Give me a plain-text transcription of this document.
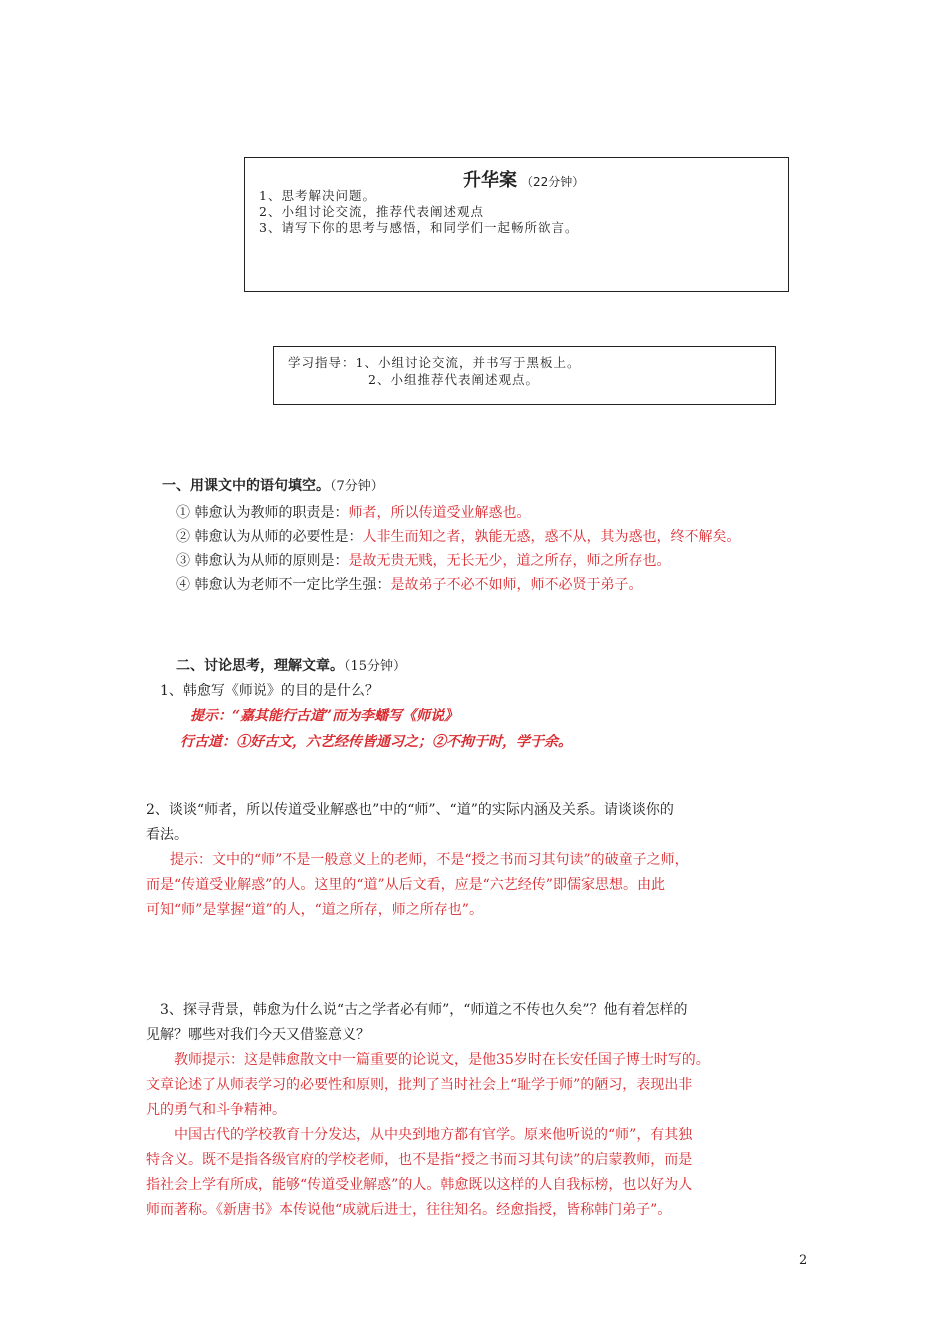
升华案 （22分钟）
1、思考解决问题。
2、小组讨论交流，推荐代表阐述观点
3、请写下你的思考与感悟，和同学们一起畅所欲言。
学习指导：1、小组讨论交流，并书写于黑板上。
2、小组推荐代表阐述观点。
一、用课文中的语句填空。（7分钟）
① 韩愈认为教师的职责是：师者，所以传道受业解惑也。
② 韩愈认为从师的必要性是：人非生而知之者，孰能无惑，惑不从，其为惑也，终不解矣。
③ 韩愈认为从师的原则是：是故无贵无贱，无长无少，道之所存，师之所存也。
④ 韩愈认为老师不一定比学生强：是故弟子不必不如师，师不必贤于弟子。
二、讨论思考，理解文章。（15分钟）
1、韩愈写《师说》的目的是什么？
提示：“嘉其能行古道”而为李蟠写《师说》
行古道：①好古文，六艺经传皆通习之；②不拘于时，学于余。
2、谈谈“师者，所以传道受业解惑也”中的“师”、“道”的实际内涵及关系。请谈谈你的
看法。
提示：文中的“师”不是一般意义上的老师，不是“授之书而习其句读”的破童子之师，
而是“传道受业解惑”的人。这里的“道”从后文看，应是“六艺经传”即儒家思想。由此
可知“师”是掌握“道”的人，“道之所存，师之所存也”。
3、探寻背景，韩愈为什么说“古之学者必有师”，“师道之不传也久矣”？他有着怎样的
见解？哪些对我们今天又借鉴意义？
教师提示：这是韩愈散文中一篇重要的论说文，是他35岁时在长安任国子博士时写的。
文章论述了从师表学习的必要性和原则，批判了当时社会上“耻学于师”的陋习，表现出非
凡的勇气和斗争精神。
中国古代的学校教育十分发达，从中央到地方都有官学。原来他听说的“师”，有其独
特含义。既不是指各级官府的学校老师，也不是指“授之书而习其句读”的启蒙教师，而是
指社会上学有所成，能够“传道受业解惑”的人。韩愈既以这样的人自我标榜，也以好为人
师而著称。《新唐书》本传说他“成就后进士，往往知名。经愈指授，皆称韩门弟子”。
2
